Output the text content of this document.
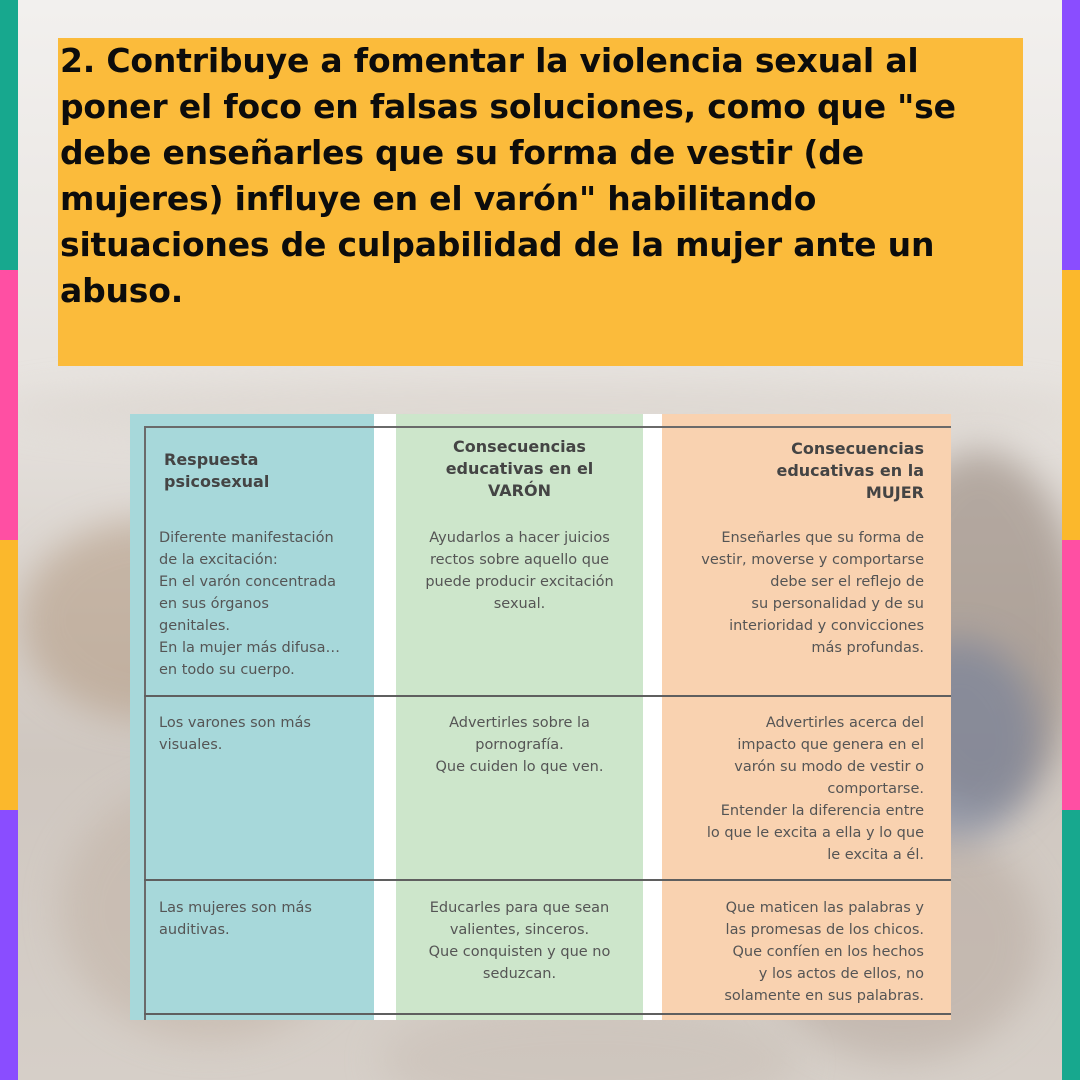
2. Contribuye a fomentar la violencia sexual al poner el foco en falsas soluciones, como que "se debe enseñarles que su forma de vestir (de mujeres) influye en el varón" habilitando situaciones de culpabilidad de la mujer ante un abuso.

Respuesta
psicosexual

Consecuencias
educativas en el
VARÓN

Consecuencias
educativas en la
MUJER

Diferente manifestación
de la excitación:
En el varón concentrada
en sus órganos
genitales.
En la mujer más difusa…
en todo su cuerpo.

Ayudarlos a hacer juicios
rectos sobre aquello que
puede producir excitación
sexual.

Enseñarles que su forma de
vestir, moverse y comportarse
debe ser el reflejo de
su personalidad y de su
interioridad y convicciones
más profundas.

Los varones son más
visuales.

Advertirles sobre la
pornografía.
Que cuiden lo que ven.

Advertirles acerca del
impacto que genera en el
varón su modo de vestir o
comportarse.
Entender la diferencia entre
lo que le excita a ella y lo que
le excita a él.

Las mujeres son más
auditivas.

Educarles para que sean
valientes, sinceros.
Que conquisten y que no
seduzcan.

Que maticen las palabras y
las promesas de los chicos.
Que confíen en los hechos
y los actos de ellos, no
solamente en sus palabras.
